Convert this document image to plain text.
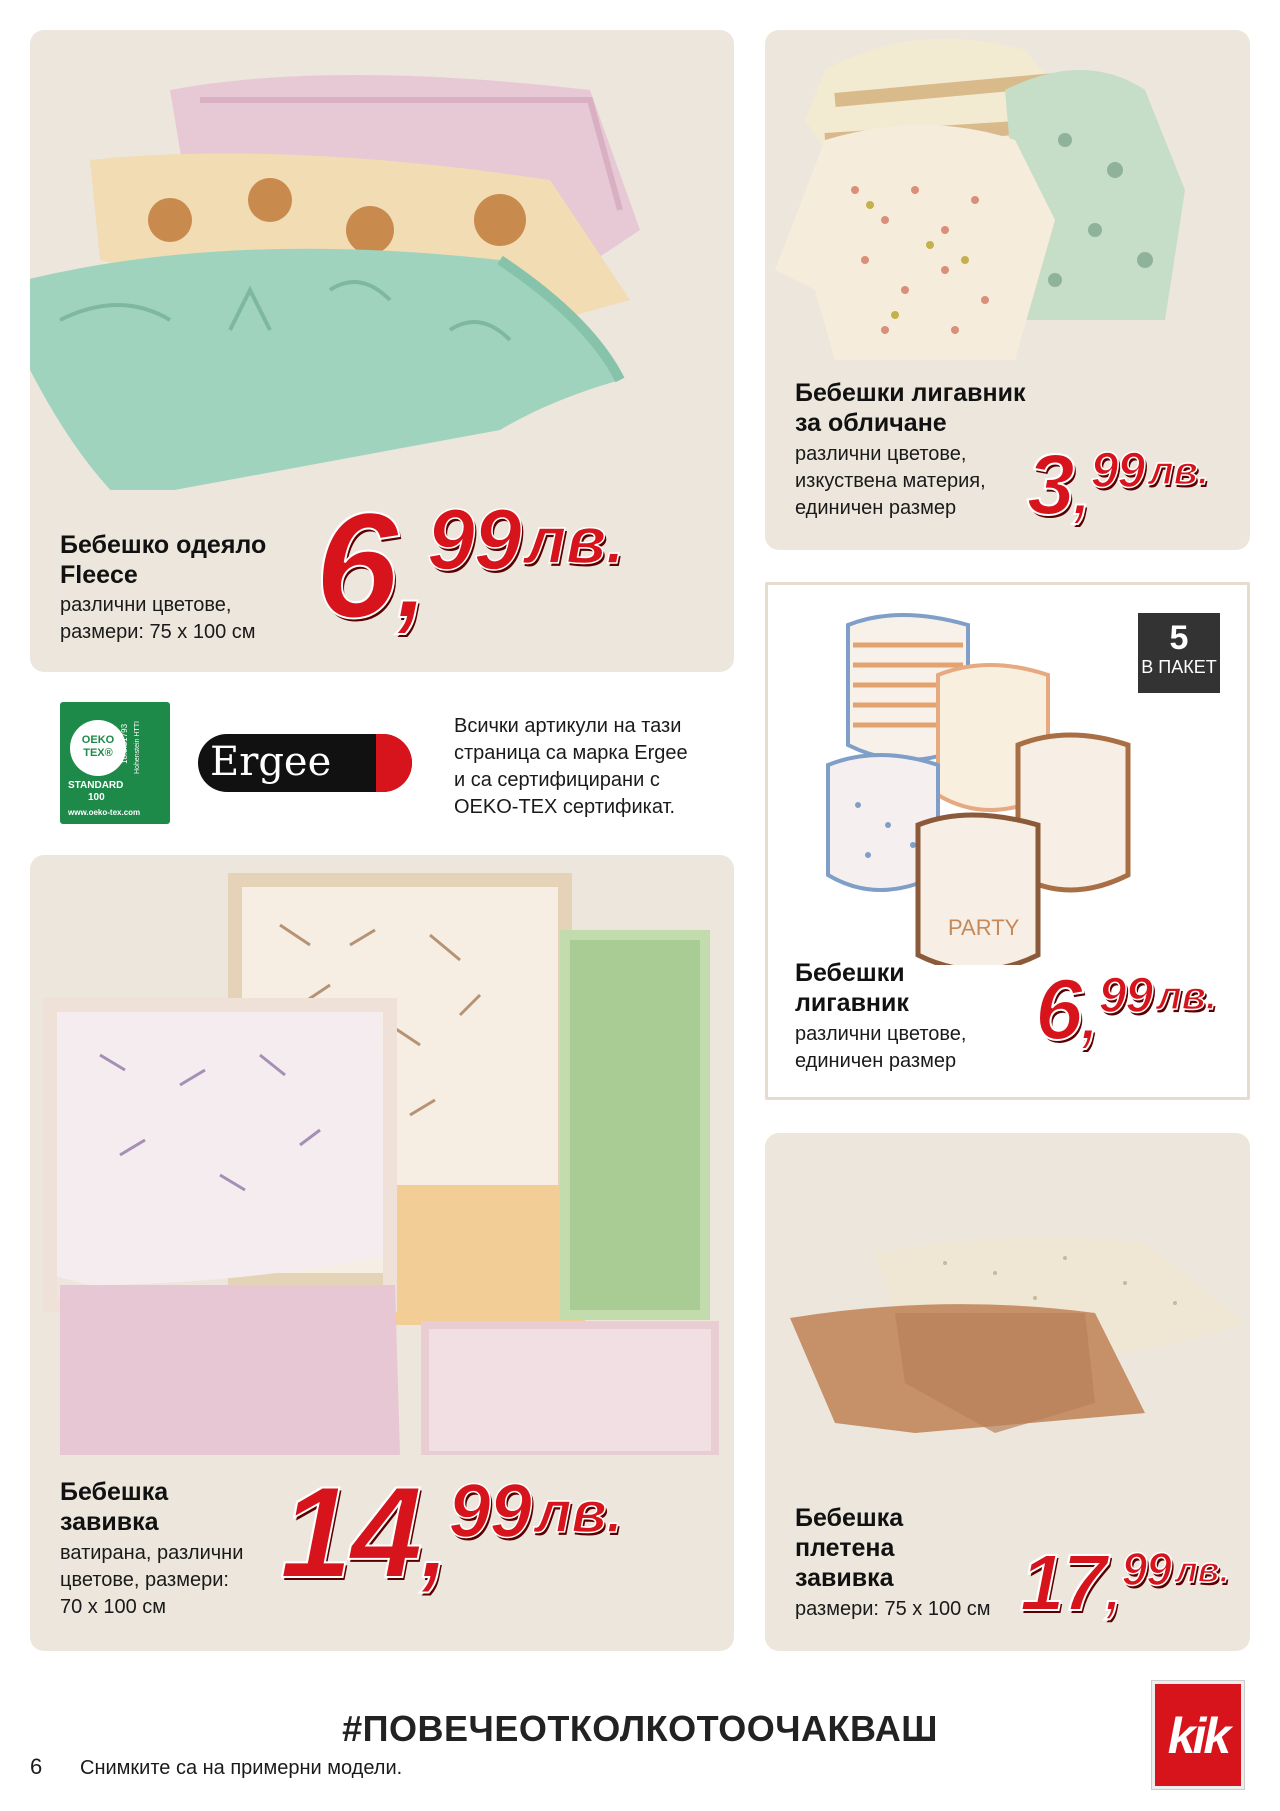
Бебешко одеяло Fleece
различни цветове,
размери: 75 x 100 см 6,99 лв.
Бебешки лигавник
за обличане
различни цветове,
изкуствена материя,
единичен размер 3,99 лв.
PARTY
5
В ПАКЕТ
Бебешки
лигавник
различни цветове,
единичен размер
6,99 лв.
OEKO
TEX®
STANDARD
100
18.0.51793 Hohenstein HTTI
www.oeko-tex.com
Ergee
Всички артикули на тази
страница са марка Ergee
и са сертифицирани с
OEKO-TEX сертификат.
Бебешка
завивка
ватирана, различни
цветове, размери:
70 x 100 см
14,99 лв.	Бебешка
плетена
завивка
размери: 75 x 100 см 17,99 лв.
#ПОВЕЧЕОТКОЛКОТООЧАКВАШ
6 Снимките са на примерни модели.
kik
